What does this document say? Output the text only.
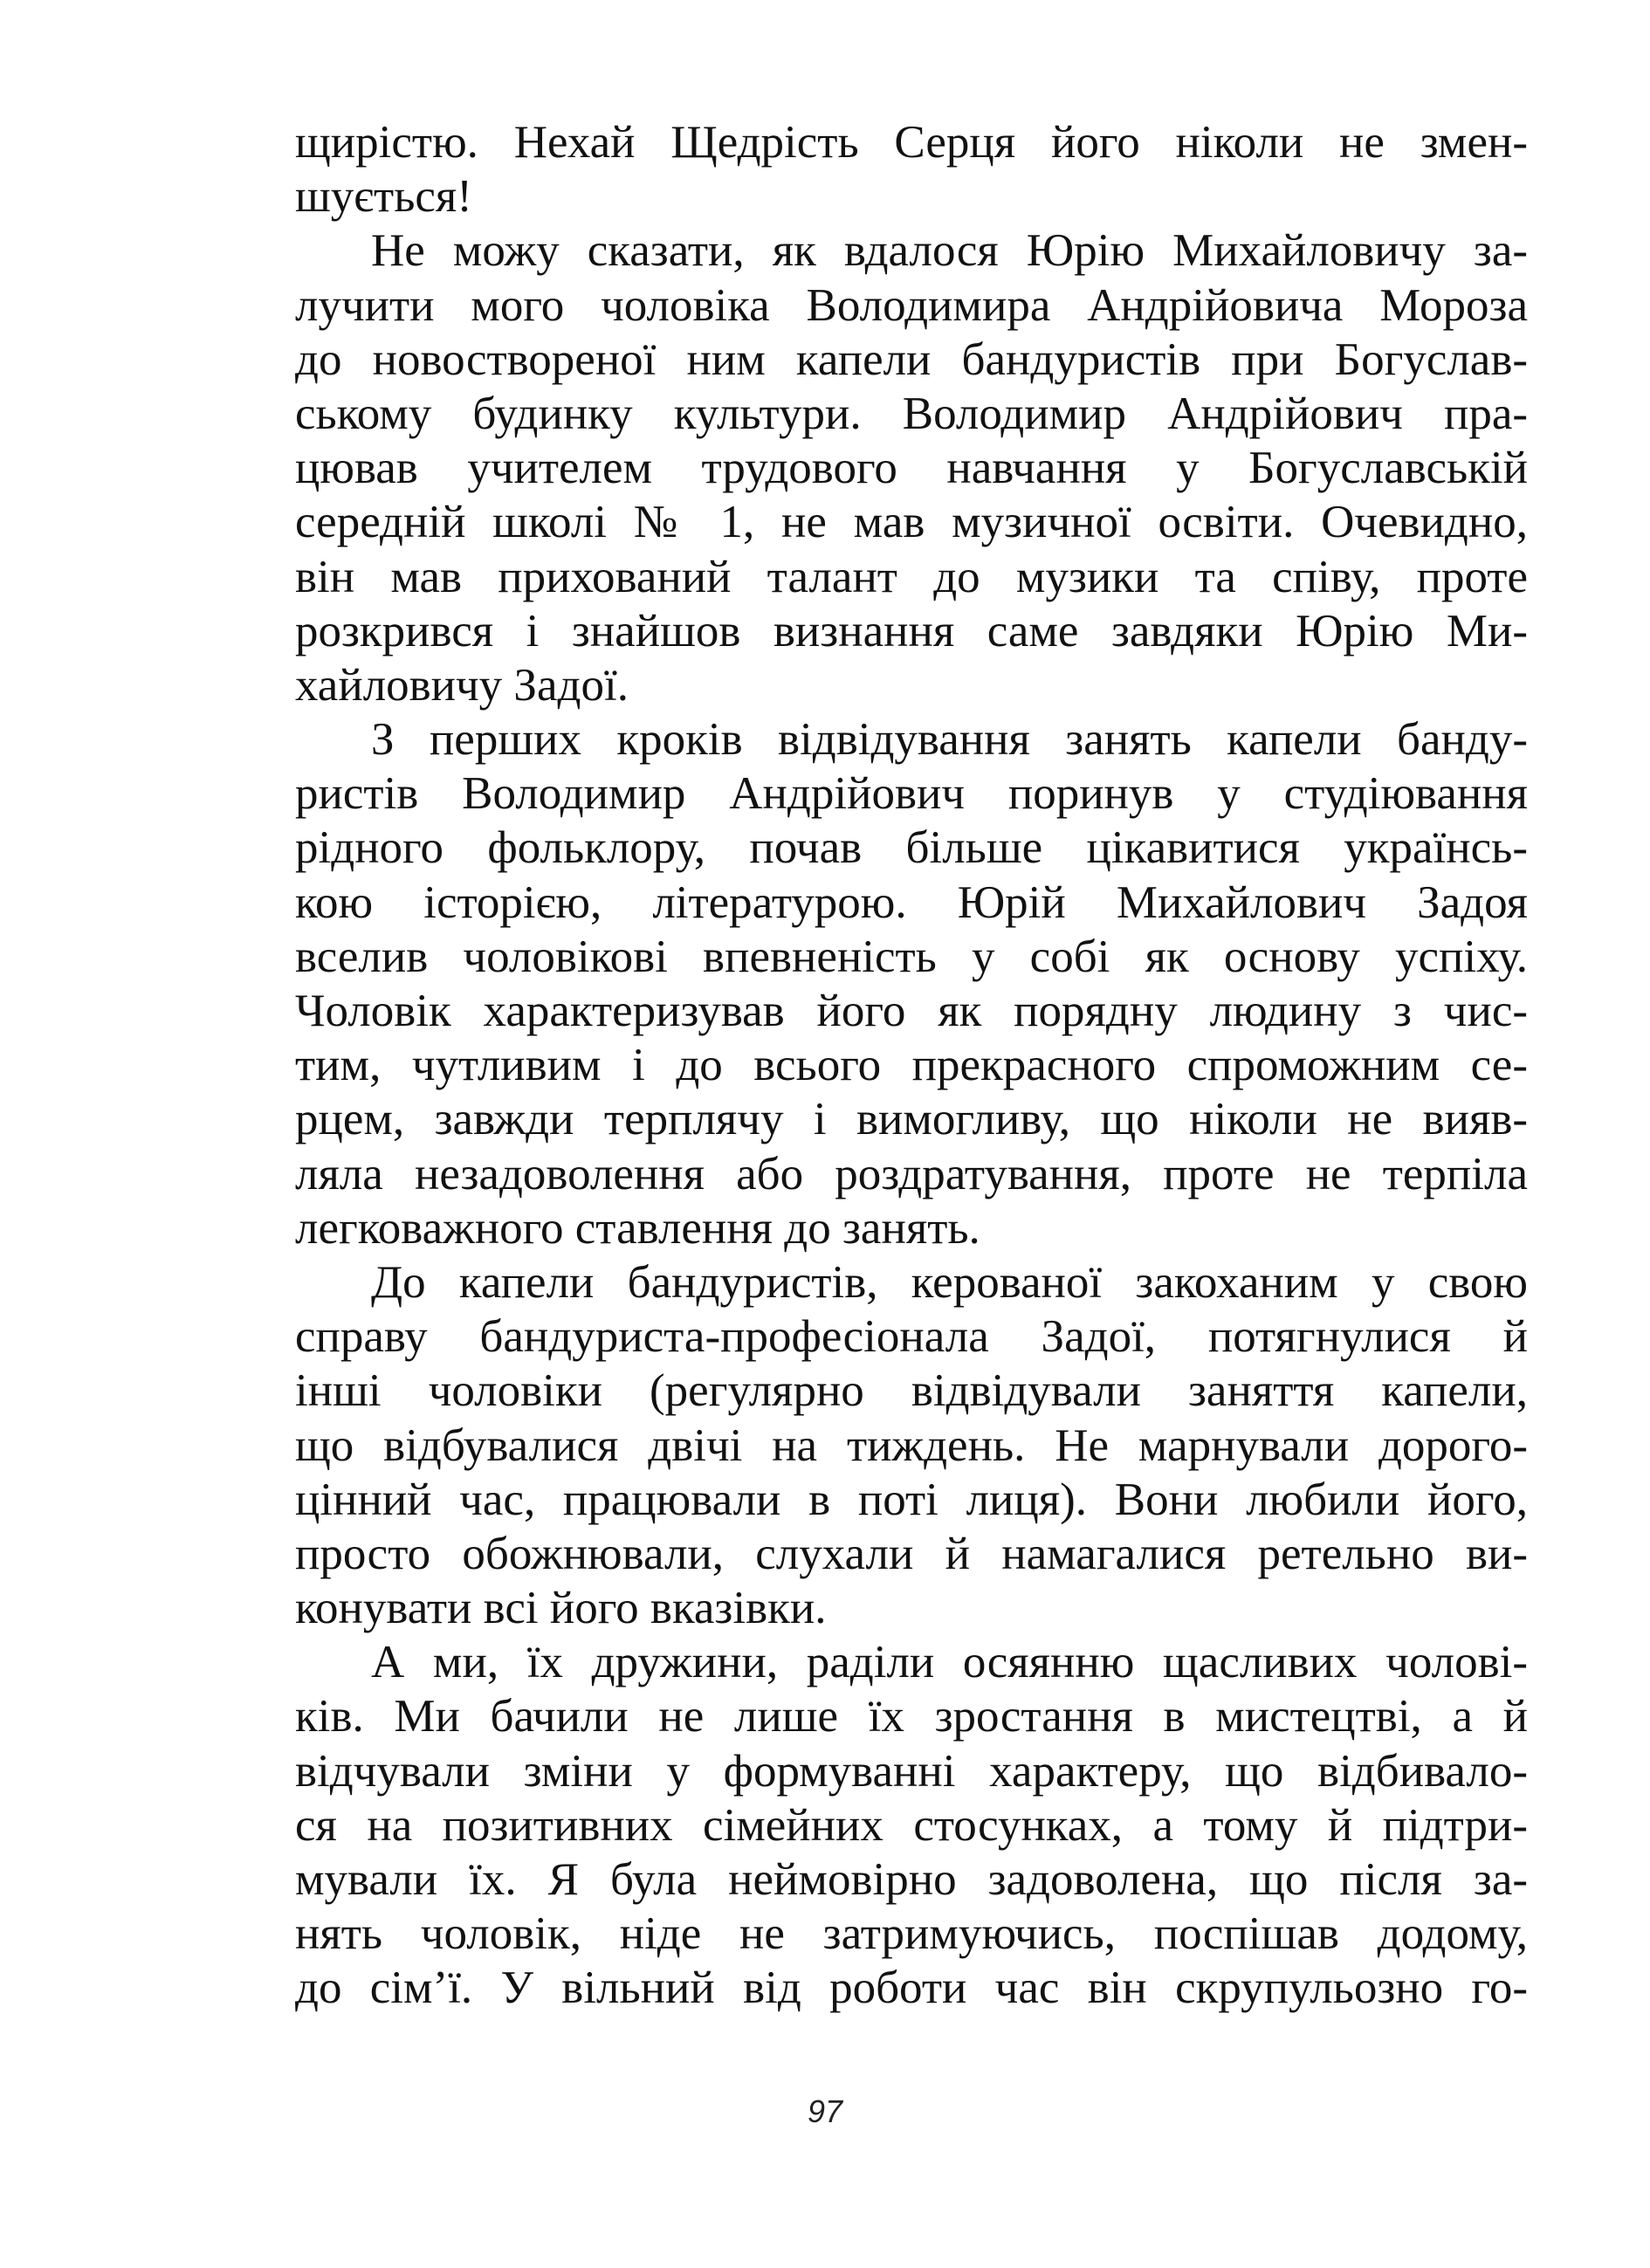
щирістю. Нехай Щедрість Серця його ніколи не змен-
шується!
Не можу сказати, як вдалося Юрію Михайловичу за-
лучити мого чоловіка Володимира Андрійовича Мороза
до новоствореної ним капели бандуристів при Богуслав-
ському будинку культури. Володимир Андрійович пра-
цював учителем трудового навчання у Богуславській
середній школі № 1, не мав музичної освіти. Очевидно,
він мав прихований талант до музики та співу, проте
розкрився і знайшов визнання саме завдяки Юрію Ми-
хайловичу Задої.
З перших кроків відвідування занять капели банду-
ристів Володимир Андрійович поринув у студіювання
рідного фольклору, почав більше цікавитися українсь-
кою історією, літературою. Юрій Михайлович Задоя
вселив чоловікові впевненість у собі як основу успіху.
Чоловік характеризував його як порядну людину з чис-
тим, чутливим і до всього прекрасного спроможним се-
рцем, завжди терплячу і вимогливу, що ніколи не вияв-
ляла незадоволення або роздратування, проте не терпіла
легковажного ставлення до занять.
До капели бандуристів, керованої закоханим у свою
справу бандуриста-професіонала Задої, потягнулися й
інші чоловіки (регулярно відвідували заняття капели,
що відбувалися двічі на тиждень. Не марнували дорого-
цінний час, працювали в поті лиця). Вони любили його,
просто обожнювали, слухали й намагалися ретельно ви-
конувати всі його вказівки.
А ми, їх дружини, раділи осяянню щасливих чолові-
ків. Ми бачили не лише їх зростання в мистецтві, а й
відчували зміни у формуванні характеру, що відбивало-
ся на позитивних сімейних стосунках, а тому й підтри-
мували їх. Я була неймовірно задоволена, що після за-
нять чоловік, ніде не затримуючись, поспішав додому,
до сім’ї. У вільний від роботи час він скрупульозно го-
97
